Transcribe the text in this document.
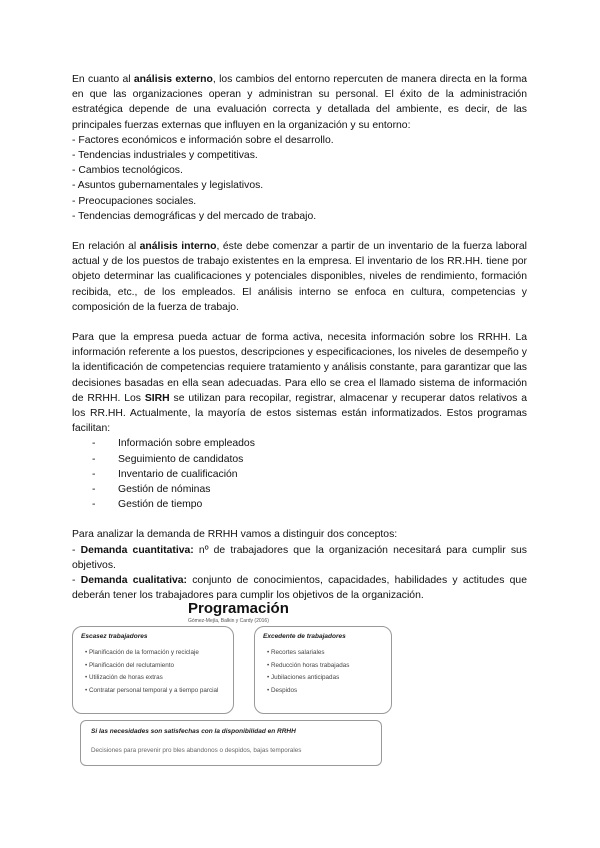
En cuanto al análisis externo, los cambios del entorno repercuten de manera directa en la forma en que las organizaciones operan y administran su personal. El éxito de la administración estratégica depende de una evaluación correcta y detallada del ambiente, es decir, de las principales fuerzas externas que influyen en la organización y su entorno:

- Factores económicos e información sobre el desarrollo.
- Tendencias industriales y competitivas.
- Cambios tecnológicos.
- Asuntos gubernamentales y legislativos.
- Preocupaciones sociales.
- Tendencias demográficas y del mercado de trabajo.

En relación al análisis interno, éste debe comenzar a partir de un inventario de la fuerza laboral actual y de los puestos de trabajo existentes en la empresa. El inventario de los RR.HH. tiene por objeto determinar las cualificaciones y potenciales disponibles, niveles de rendimiento, formación recibida, etc., de los empleados. El análisis interno se enfoca en cultura, competencias y composición de la fuerza de trabajo.

Para que la empresa pueda actuar de forma activa, necesita información sobre los RRHH. La información referente a los puestos, descripciones y especificaciones, los niveles de desempeño y la identificación de competencias requiere tratamiento y análisis constante, para garantizar que las decisiones basadas en ella sean adecuadas. Para ello se crea el llamado sistema de información de RRHH. Los SIRH se utilizan para recopilar, registrar, almacenar y recuperar datos relativos a los RR.HH. Actualmente, la mayoría de estos sistemas están informatizados. Estos programas facilitan:

- Información sobre empleados
- Seguimiento de candidatos
- Inventario de cualificación
- Gestión de nóminas
- Gestión de tiempo

Para analizar la demanda de RRHH vamos a distinguir dos conceptos:

- Demanda cuantitativa: nº de trabajadores que la organización necesitará para cumplir sus objetivos.

- Demanda cualitativa: conjunto de conocimientos, capacidades, habilidades y actitudes que deberán tener los trabajadores para cumplir los objetivos de la organización.

Programación
Gómez-Mejía, Balkin y Cardy (2016)
Escasez trabajadores
• Planificación de la formación y reciclaje
• Planificación del reclutamiento
• Utilización de horas extras
• Contratar personal temporal y a tiempo parcial
Excedente de trabajadores
• Recortes salariales
• Reducción horas trabajadas
• Jubilaciones anticipadas
• Despidos
Si las necesidades son satisfechas con la disponibilidad en RRHH
Decisiones para prevenir pro bles abandonos o despidos, bajas temporales
